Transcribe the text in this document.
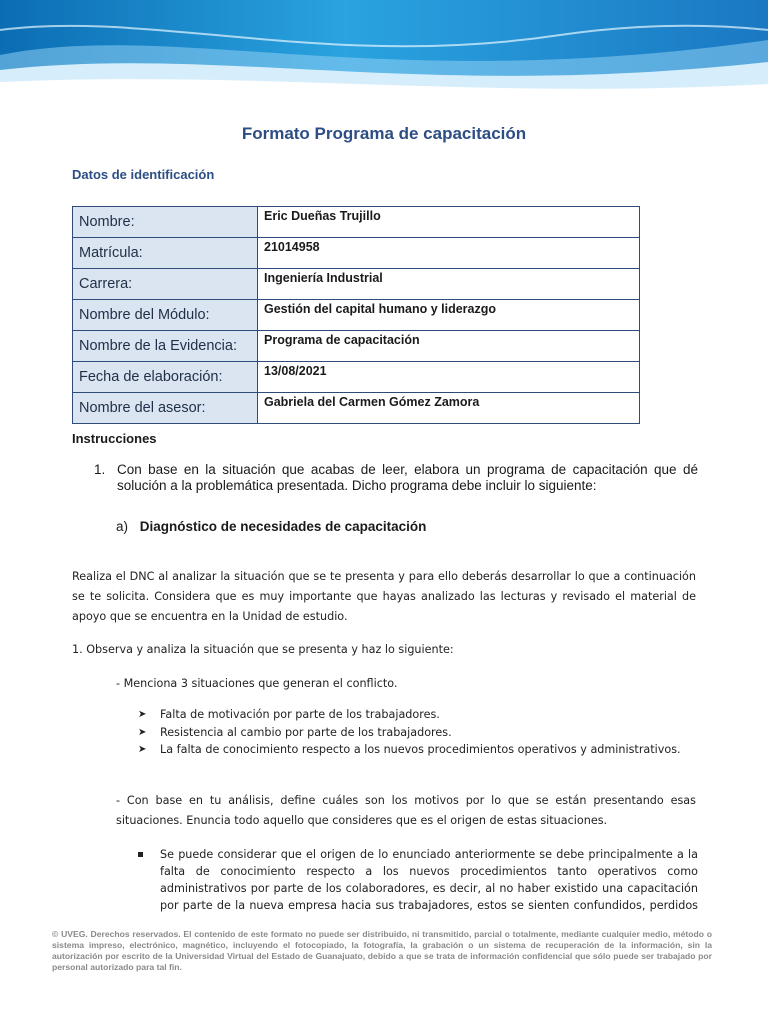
Formato Programa de capacitación
Datos de identificación
Nombre:	Eric Dueñas Trujillo
Matrícula:	21014958
Carrera:	Ingeniería Industrial
Nombre del Módulo:	Gestión del capital humano y liderazgo
Nombre de la Evidencia:	Programa de capacitación
Fecha de elaboración:	13/08/2021
Nombre del asesor:	Gabriela del Carmen Gómez Zamora
Instrucciones
1. Con base en la situación que acabas de leer, elabora un programa de capacitación que dé solución a la problemática presentada. Dicho programa debe incluir lo siguiente:
a) Diagnóstico de necesidades de capacitación
Realiza el DNC al analizar la situación que se te presenta y para ello deberás desarrollar lo que a continuación se te solicita. Considera que es muy importante que hayas analizado las lecturas y revisado el material de apoyo que se encuentra en la Unidad de estudio.
1. Observa y analiza la situación que se presenta y haz lo siguiente:
- Menciona 3 situaciones que generan el conflicto.
➤ Falta de motivación por parte de los trabajadores.
➤ Resistencia al cambio por parte de los trabajadores.
➤ La falta de conocimiento respecto a los nuevos procedimientos operativos y administrativos.
- Con base en tu análisis, define cuáles son los motivos por lo que se están presentando esas situaciones. Enuncia todo aquello que consideres que es el origen de estas situaciones.
Se puede considerar que el origen de lo enunciado anteriormente se debe principalmente a la falta de conocimiento respecto a los nuevos procedimientos tanto operativos como administrativos por parte de los colaboradores, es decir, al no haber existido una capacitación por parte de la nueva empresa hacia sus trabajadores, estos se sienten confundidos, perdidos
© UVEG. Derechos reservados. El contenido de este formato no puede ser distribuido, ni transmitido, parcial o totalmente, mediante cualquier medio, método o sistema impreso, electrónico, magnético, incluyendo el fotocopiado, la fotografía, la grabación o un sistema de recuperación de la información, sin la autorización por escrito de la Universidad Virtual del Estado de Guanajuato, debido a que se trata de información confidencial que sólo puede ser trabajado por personal autorizado para tal fin.
